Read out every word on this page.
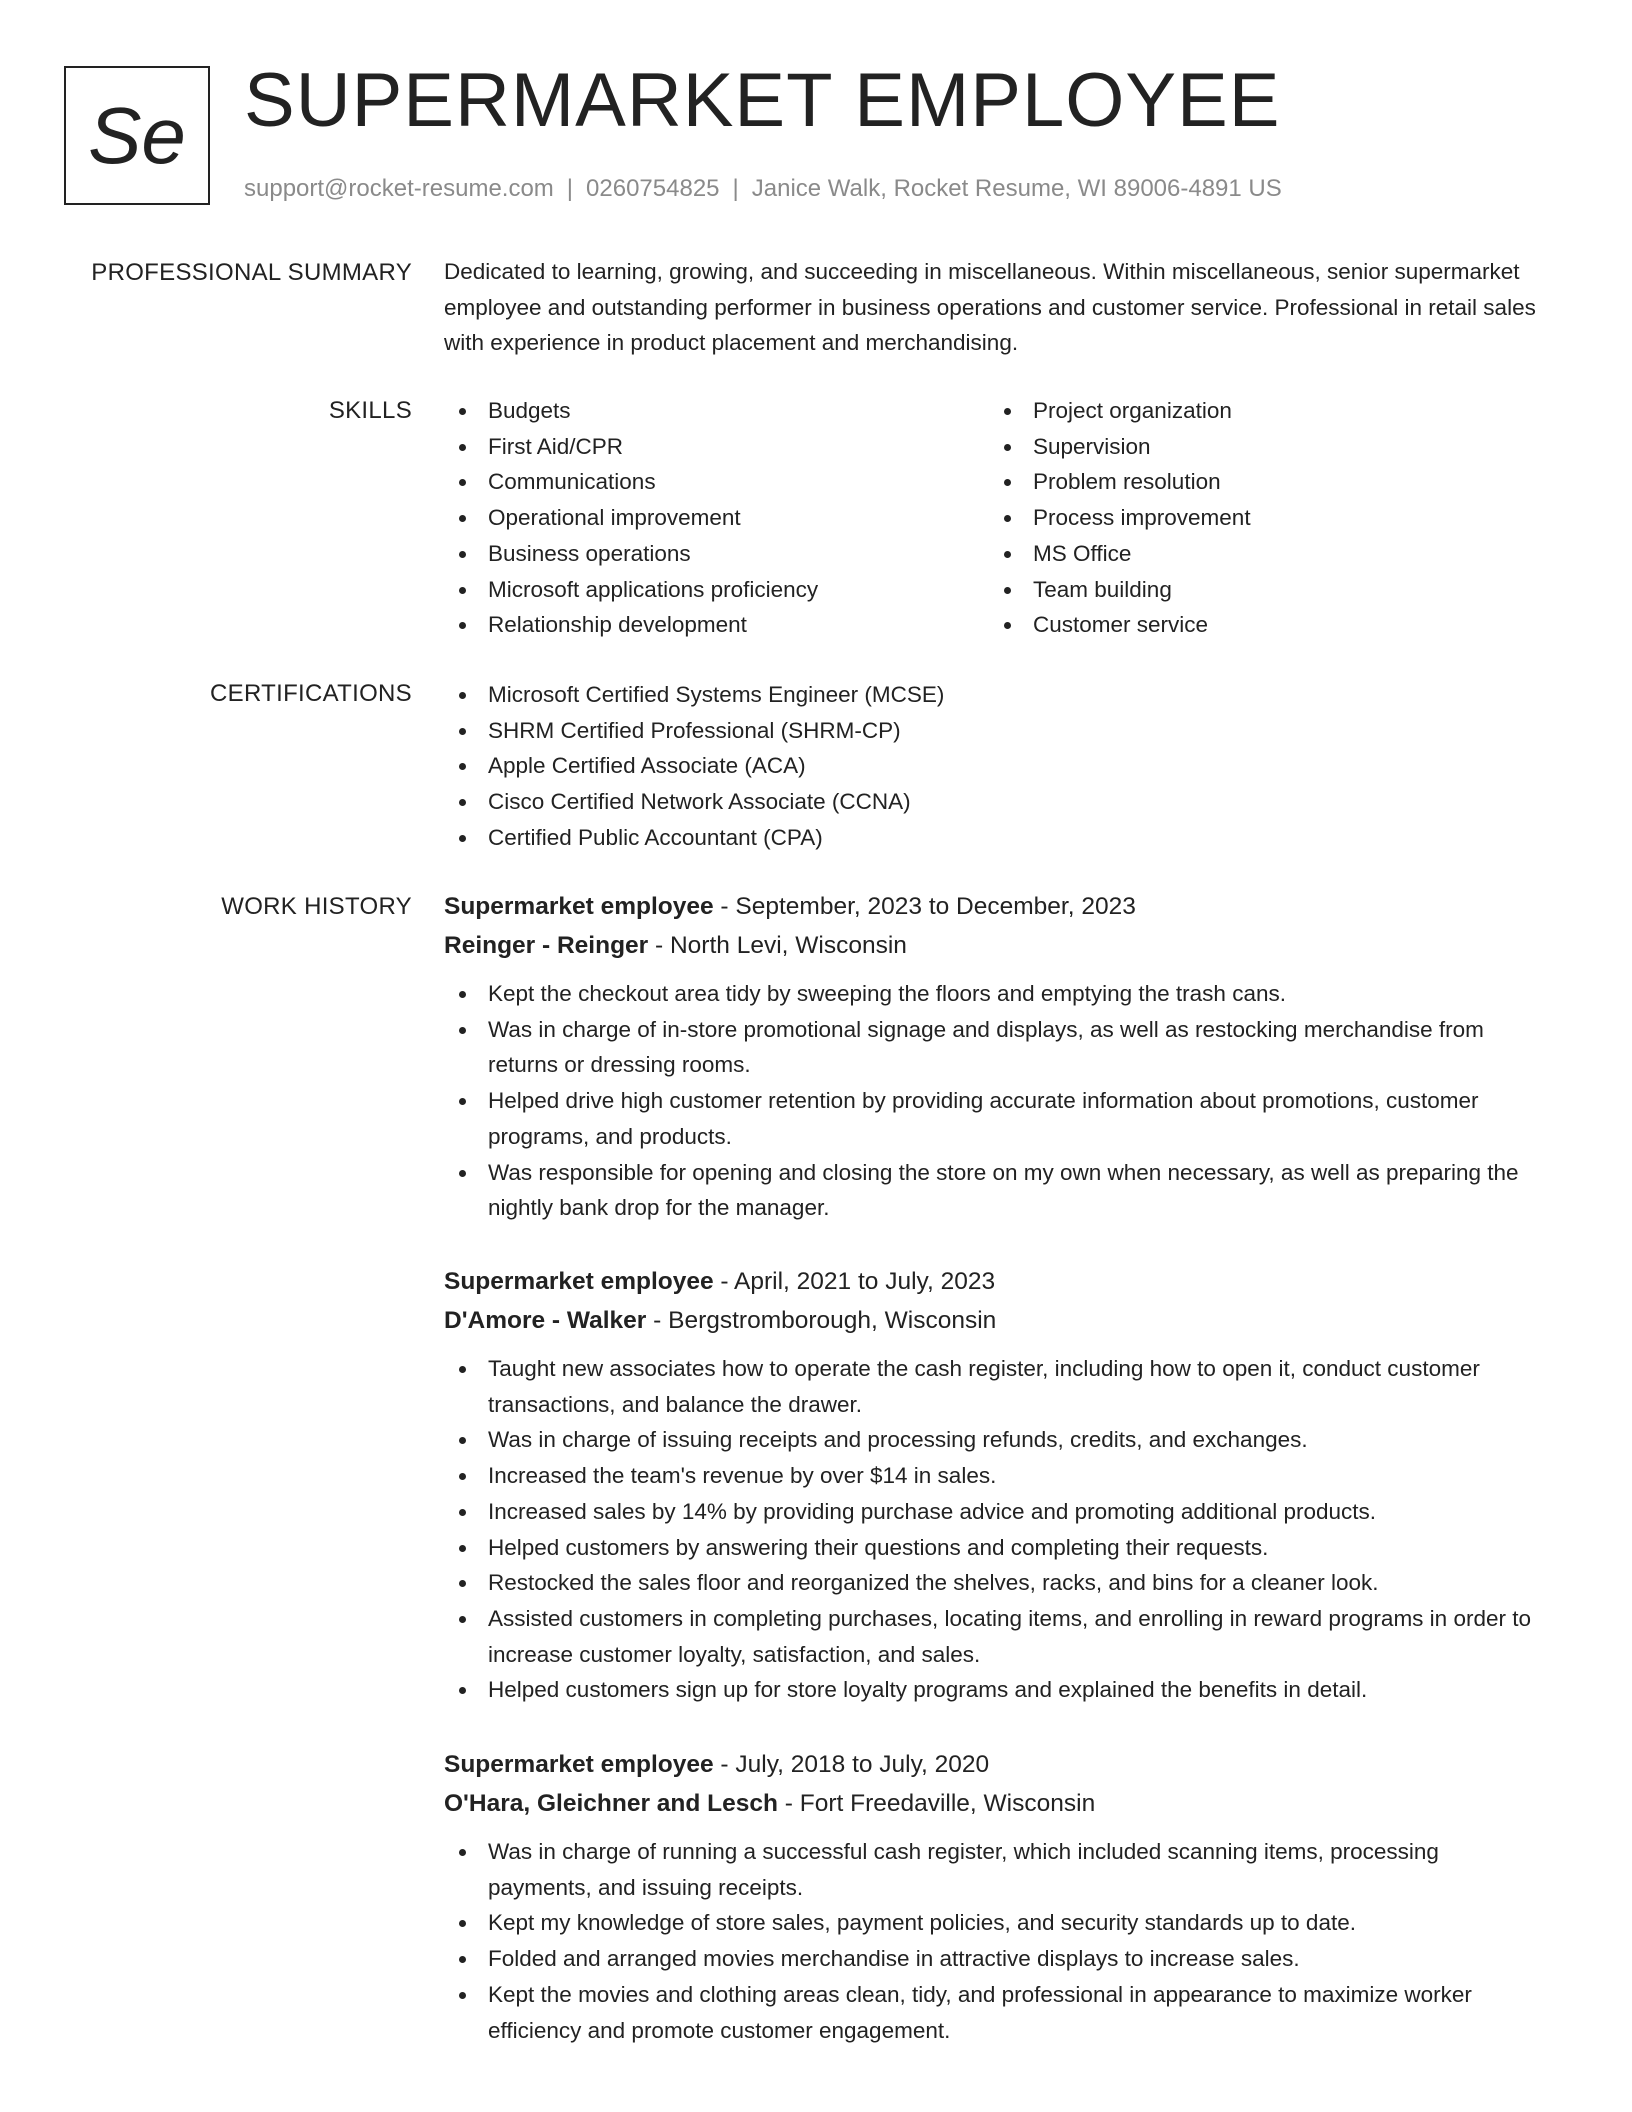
Se SUPERMARKET EMPLOYEE
support@rocket-resume.com | 0260754825 | Janice Walk, Rocket Resume, WI 89006-4891 US
PROFESSIONAL SUMMARY Dedicated to learning, growing, and succeeding in miscellaneous. Within miscellaneous, senior supermarket employee and outstanding performer in business operations and customer service. Professional in retail sales with experience in product placement and merchandising.

SKILLS	Budgets
First Aid/CPR
Communications
Operational improvement
Business operations
Microsoft applications proficiency
Relationship development
Project organization
Supervision
Problem resolution
Process improvement
MS Office
Team building
Customer service
CERTIFICATIONS	Microsoft Certified Systems Engineer (MCSE)
SHRM Certified Professional (SHRM-CP)
Apple Certified Associate (ACA)
Cisco Certified Network Associate (CCNA)
Certified Public Accountant (CPA)
WORK HISTORY Supermarket employee - September, 2023 to December, 2023
Reinger - Reinger - North Levi, Wisconsin
Kept the checkout area tidy by sweeping the floors and emptying the trash cans.
Was in charge of in-store promotional signage and displays, as well as restocking merchandise from returns or dressing rooms.
Helped drive high customer retention by providing accurate information about promotions, customer programs, and products.
Was responsible for opening and closing the store on my own when necessary, as well as preparing the nightly bank drop for the manager.
Supermarket employee - April, 2021 to July, 2023
D'Amore - Walker - Bergstromborough, Wisconsin
Taught new associates how to operate the cash register, including how to open it, conduct customer transactions, and balance the drawer.
Was in charge of issuing receipts and processing refunds, credits, and exchanges.
Increased the team's revenue by over $14 in sales.
Increased sales by 14% by providing purchase advice and promoting additional products.
Helped customers by answering their questions and completing their requests.
Restocked the sales floor and reorganized the shelves, racks, and bins for a cleaner look.
Assisted customers in completing purchases, locating items, and enrolling in reward programs in order to increase customer loyalty, satisfaction, and sales.
Helped customers sign up for store loyalty programs and explained the benefits in detail.
Supermarket employee - July, 2018 to July, 2020
O'Hara, Gleichner and Lesch - Fort Freedaville, Wisconsin
Was in charge of running a successful cash register, which included scanning items, processing payments, and issuing receipts.
Kept my knowledge of store sales, payment policies, and security standards up to date.
Folded and arranged movies merchandise in attractive displays to increase sales.
Kept the movies and clothing areas clean, tidy, and professional in appearance to maximize worker efficiency and promote customer engagement.
